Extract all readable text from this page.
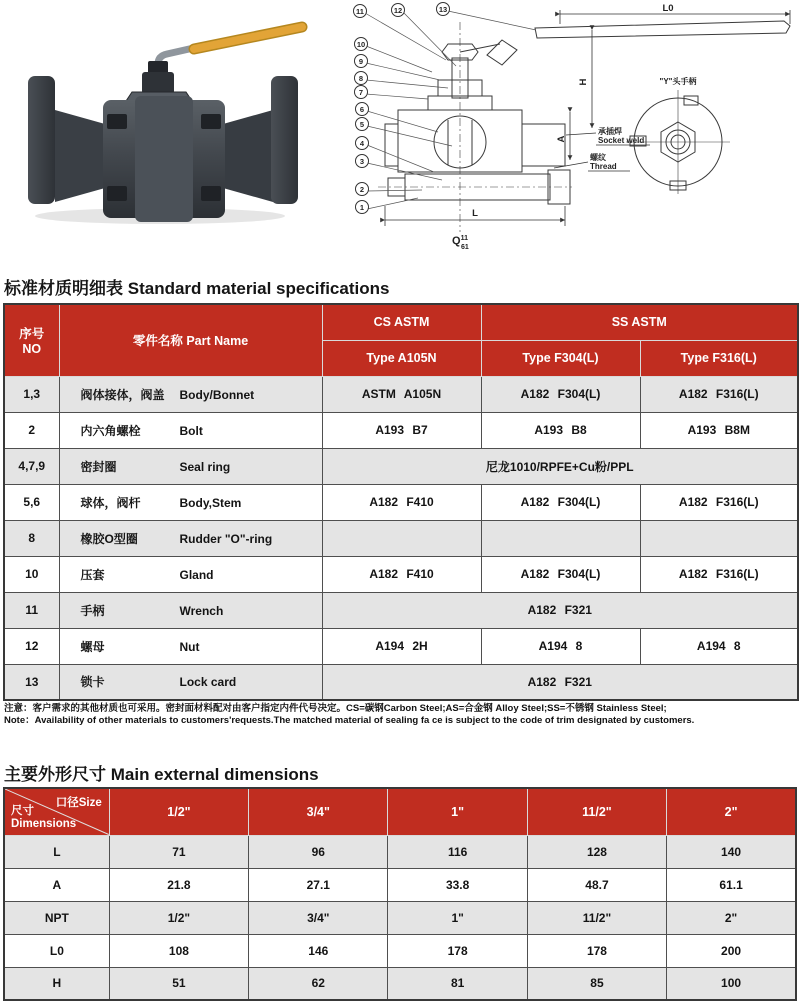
L0
H
A
L
承插焊
Socket weld
螺纹
Thread
"Y"头手柄
$Q^{11}$ 61
1
2
3
4
5
6
7
8
9
10
11	12	13
标准材质明细表 Standard material specifications
序号
NO	零件名称 Part Name	CS ASTM	SS ASTM	
		Type A105N	Type F304(L)	Type F316(L)
1,3	阀体接体，阀盖 Body/Bonnet	ASTM A105N	A182 F304(L)	A182 F316(L)
2	内六角螺栓 Bolt	A193 B7	A193 B8	A193 B8M
4,7,9	密封圈 Seal ring	尼龙1010/RPFE+Cu粉/PPL		
5,6	球体，阀杆 Body,Stem	A182 F410	A182 F304(L)	A182 F316(L)
8	橡胶O型圈 Rudder "O"-ring			
10	压套 Gland	A182 F410	A182 F304(L)	A182 F316(L)
11	手柄 Wrench	A182 F321		
12	螺母 Nut	A194 2H	A194 8	A194 8
13	锁卡 Lock card	A182 F321		
注意：客户需求的其他材质也可采用。密封面材料配对由客户指定内件代号决定。CS=碳钢Carbon Steel;AS=合金钢 Alloy Steel;SS=不锈钢 Stainless Steel;
Note：Availability of other materials to customers'requests.The matched material of sealing fa ce is subject to the code of trim designated by customers.
主要外形尺寸 Main external dimensions
口径Size
尺寸
Dimensions	1/2"	3/4"	1"	11/2"	2"
L	71	96	116	128	140
A	21.8	27.1	33.8	48.7	61.1
NPT	1/2"	3/4"	1"	11/2"	2"
L0	108	146	178	178	200
H	51	62	81	85	100
